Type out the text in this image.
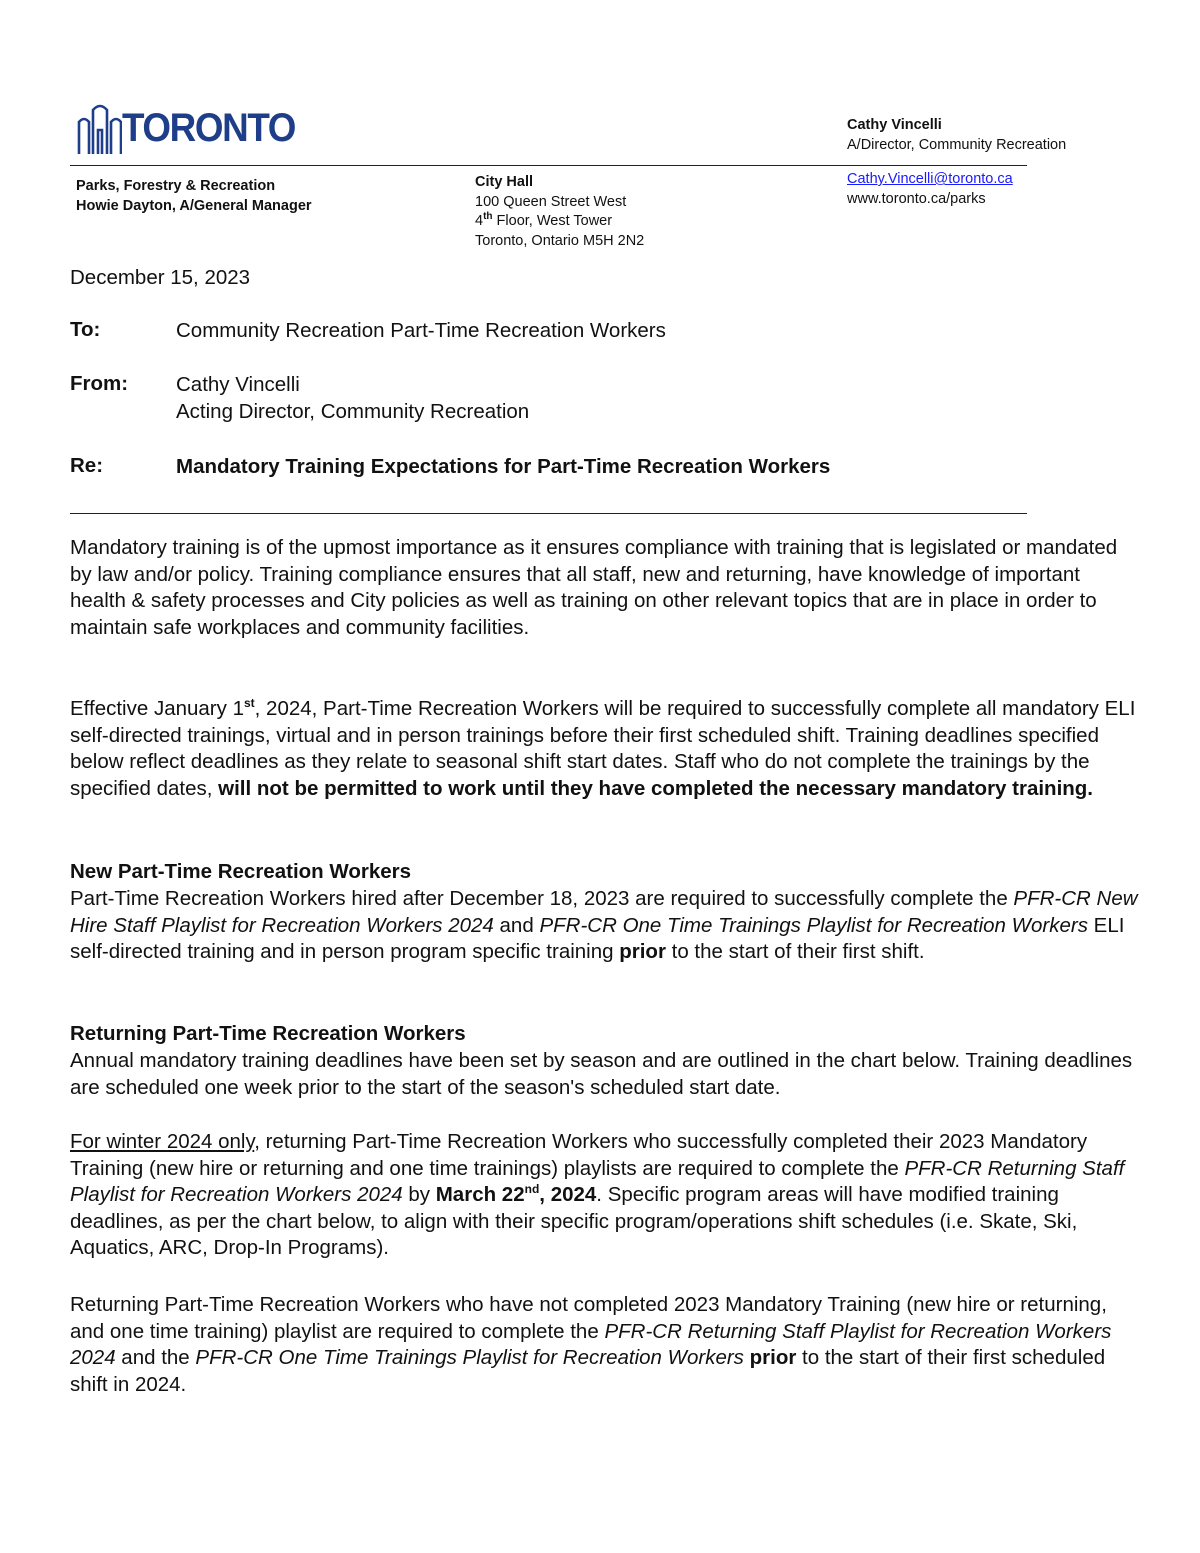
TORONTO	Cathy Vincelli
A/Director, Community Recreation
Parks, Forestry & Recreation
Howie Dayton, A/General Manager
City Hall
100 Queen Street West
4th Floor, West Tower
Toronto, Ontario M5H 2N2
Cathy.Vincelli@toronto.ca
www.toronto.ca/parks
December 15, 2023
To:	Community Recreation Part-Time Recreation Workers
From: Cathy Vincelli
Acting Director, Community Recreation
Re:	Mandatory Training Expectations for Part-Time Recreation Workers

Mandatory training is of the upmost importance as it ensures compliance with training that is legislated or mandated by law and/or policy. Training compliance ensures that all staff, new and returning, have knowledge of important health & safety processes and City policies as well as training on other relevant topics that are in place in order to maintain safe workplaces and community facilities.

Effective January 1st, 2024, Part-Time Recreation Workers will be required to successfully complete all mandatory ELI self-directed trainings, virtual and in person trainings before their first scheduled shift. Training deadlines specified below reflect deadlines as they relate to seasonal shift start dates. Staff who do not complete the trainings by the specified dates, will not be permitted to work until they have completed the necessary mandatory training.

New Part-Time Recreation Workers

Part-Time Recreation Workers hired after December 18, 2023 are required to successfully complete the PFR-CR New Hire Staff Playlist for Recreation Workers 2024 and PFR-CR One Time Trainings Playlist for Recreation Workers ELI self-directed training and in person program specific training prior to the start of their first shift.

Returning Part-Time Recreation Workers

Annual mandatory training deadlines have been set by season and are outlined in the chart below. Training deadlines are scheduled one week prior to the start of the season's scheduled start date.

For winter 2024 only, returning Part-Time Recreation Workers who successfully completed their 2023 Mandatory Training (new hire or returning and one time trainings) playlists are required to complete the PFR-CR Returning Staff Playlist for Recreation Workers 2024 by March 22nd, 2024. Specific program areas will have modified training deadlines, as per the chart below, to align with their specific program/operations shift schedules (i.e. Skate, Ski, Aquatics, ARC, Drop-In Programs).

Returning Part-Time Recreation Workers who have not completed 2023 Mandatory Training (new hire or returning, and one time training) playlist are required to complete the PFR-CR Returning Staff Playlist for Recreation Workers 2024 and the PFR-CR One Time Trainings Playlist for Recreation Workers prior to the start of their first scheduled shift in 2024.
